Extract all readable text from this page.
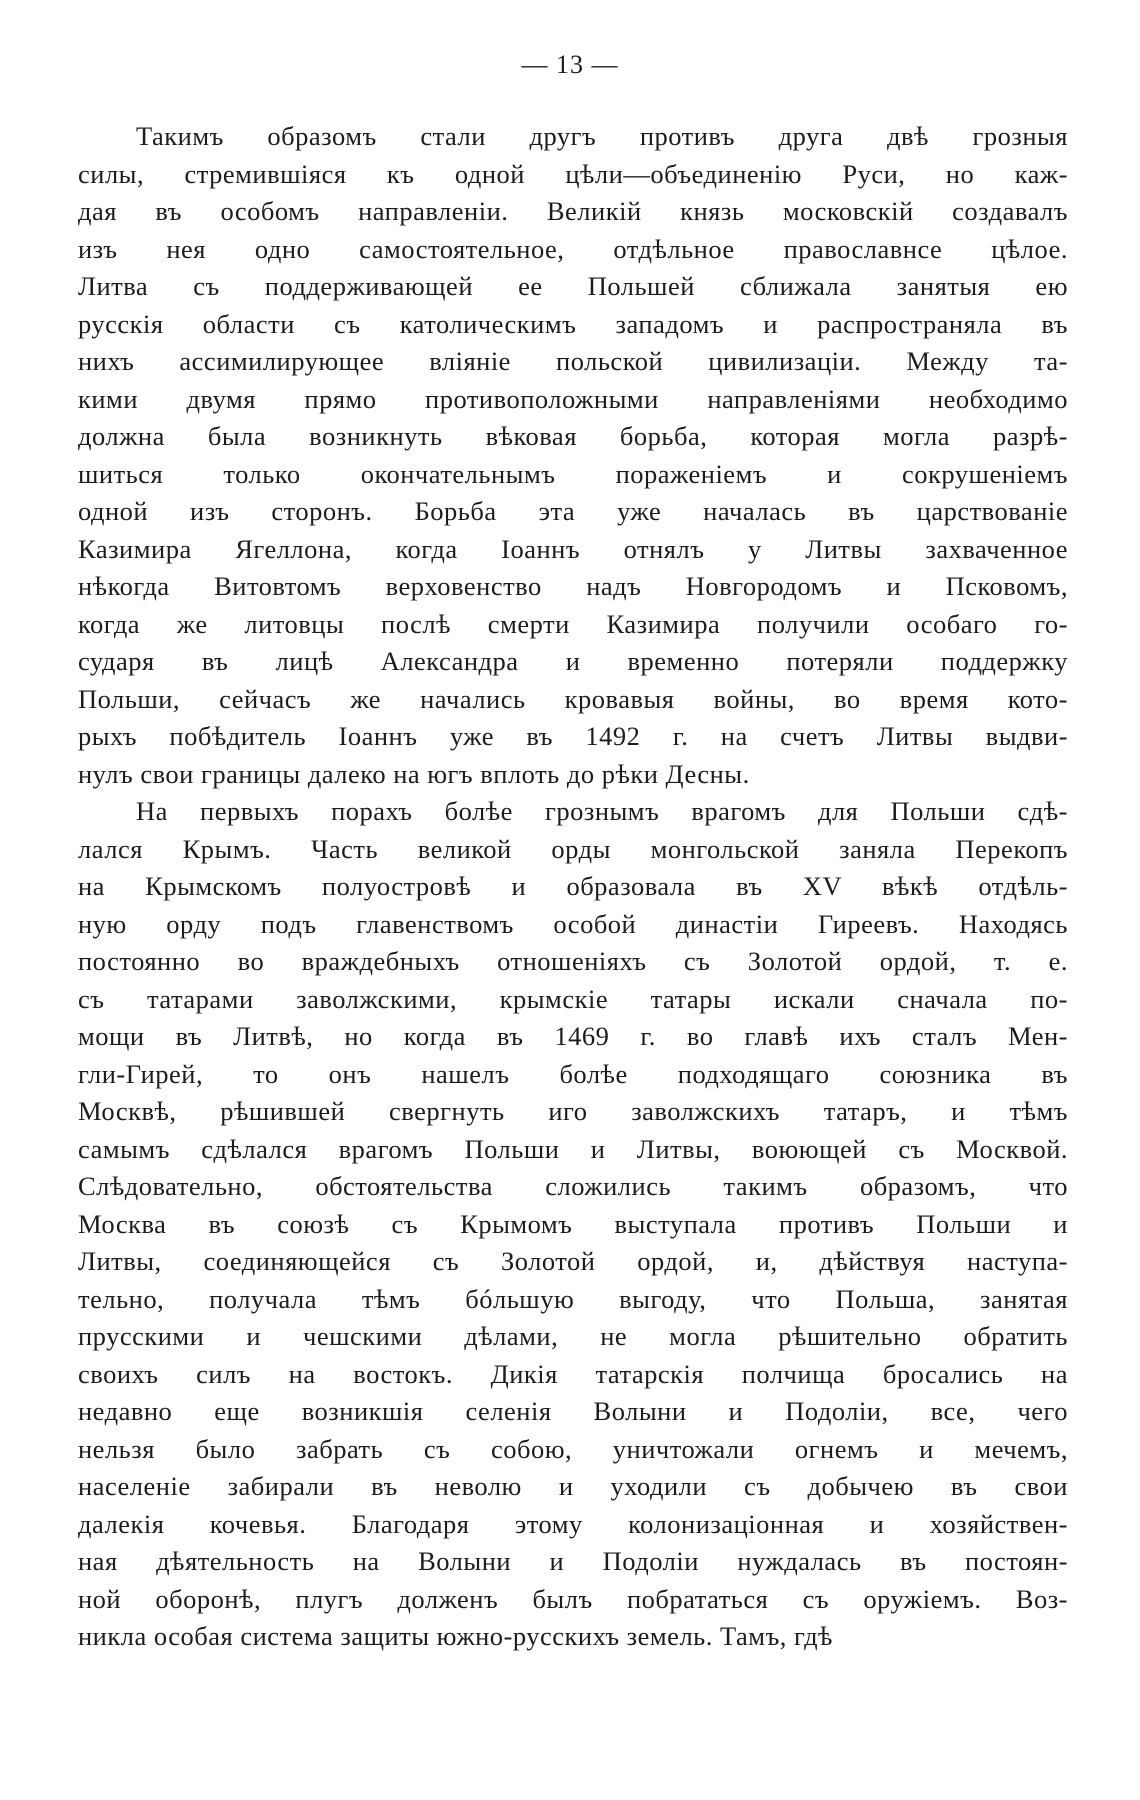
— 13 —
Такимъ образомъ стали другъ противъ друга двѣ грозныя
силы, стремившіяся къ одной цѣли—объединенію Руси, но каж-
дая въ особомъ направленіи. Великій князь московскій создавалъ
изъ нея одно самостоятельное, отдѣльное православнсе цѣлое.
Литва съ поддерживающей ее Польшей сближала занятыя ею
русскія области съ католическимъ западомъ и распространяла въ
нихъ ассимилирующее вліяніе польской цивилизаціи. Между та-
кими двумя прямо противоположными направленіями необходимо
должна была возникнуть вѣковая борьба, которая могла разрѣ-
шиться только окончательнымъ пораженіемъ и сокрушеніемъ
одной изъ сторонъ. Борьба эта уже началась въ царствованіе
Казимира Ягеллона, когда Іоаннъ отнялъ у Литвы захваченное
нѣкогда Витовтомъ верховенство надъ Новгородомъ и Псковомъ,
когда же литовцы послѣ смерти Казимира получили особаго го-
сударя въ лицѣ Александра и временно потеряли поддержку
Польши, сейчасъ же начались кровавыя войны, во время кото-
рыхъ побѣдитель Іоаннъ уже въ 1492 г. на счетъ Литвы выдви-
нулъ свои границы далеко на югъ вплоть до рѣки Десны.
На первыхъ порахъ болѣе грознымъ врагомъ для Польши сдѣ-
лался Крымъ. Часть великой орды монгольской заняла Перекопъ
на Крымскомъ полуостровѣ и образовала въ XV вѣкѣ отдѣль-
ную орду подъ главенствомъ особой династіи Гиреевъ. Находясь
постоянно во враждебныхъ отношеніяхъ съ Золотой ордой, т. е.
съ татарами заволжскими, крымскіе татары искали сначала по-
мощи въ Литвѣ, но когда въ 1469 г. во главѣ ихъ сталъ Мен-
гли-Гирей, то онъ нашелъ болѣе подходящаго союзника въ
Москвѣ, рѣшившей свергнуть иго заволжскихъ татаръ, и тѣмъ
самымъ сдѣлался врагомъ Польши и Литвы, воюющей съ Москвой.
Слѣдовательно, обстоятельства сложились такимъ образомъ, что
Москва въ союзѣ съ Крымомъ выступала противъ Польши и
Литвы, соединяющейся съ Золотой ордой, и, дѣйствуя наступа-
тельно, получала тѣмъ бóльшую выгоду, что Польша, занятая
прусскими и чешскими дѣлами, не могла рѣшительно обратить
своихъ силъ на востокъ. Дикія татарскія полчища бросались на
недавно еще возникшія селенія Волыни и Подоліи, все, чего
нельзя было забрать съ собою, уничтожали огнемъ и мечемъ,
населеніе забирали въ неволю и уходили съ добычею въ свои
далекія кочевья. Благодаря этому колонизаціонная и хозяйствен-
ная дѣятельность на Волыни и Подоліи нуждалась въ постоян-
ной оборонѣ, плугъ долженъ былъ побрататься съ оружіемъ. Воз-
никла особая система защиты южно-русскихъ земель. Тамъ, гдѣ
